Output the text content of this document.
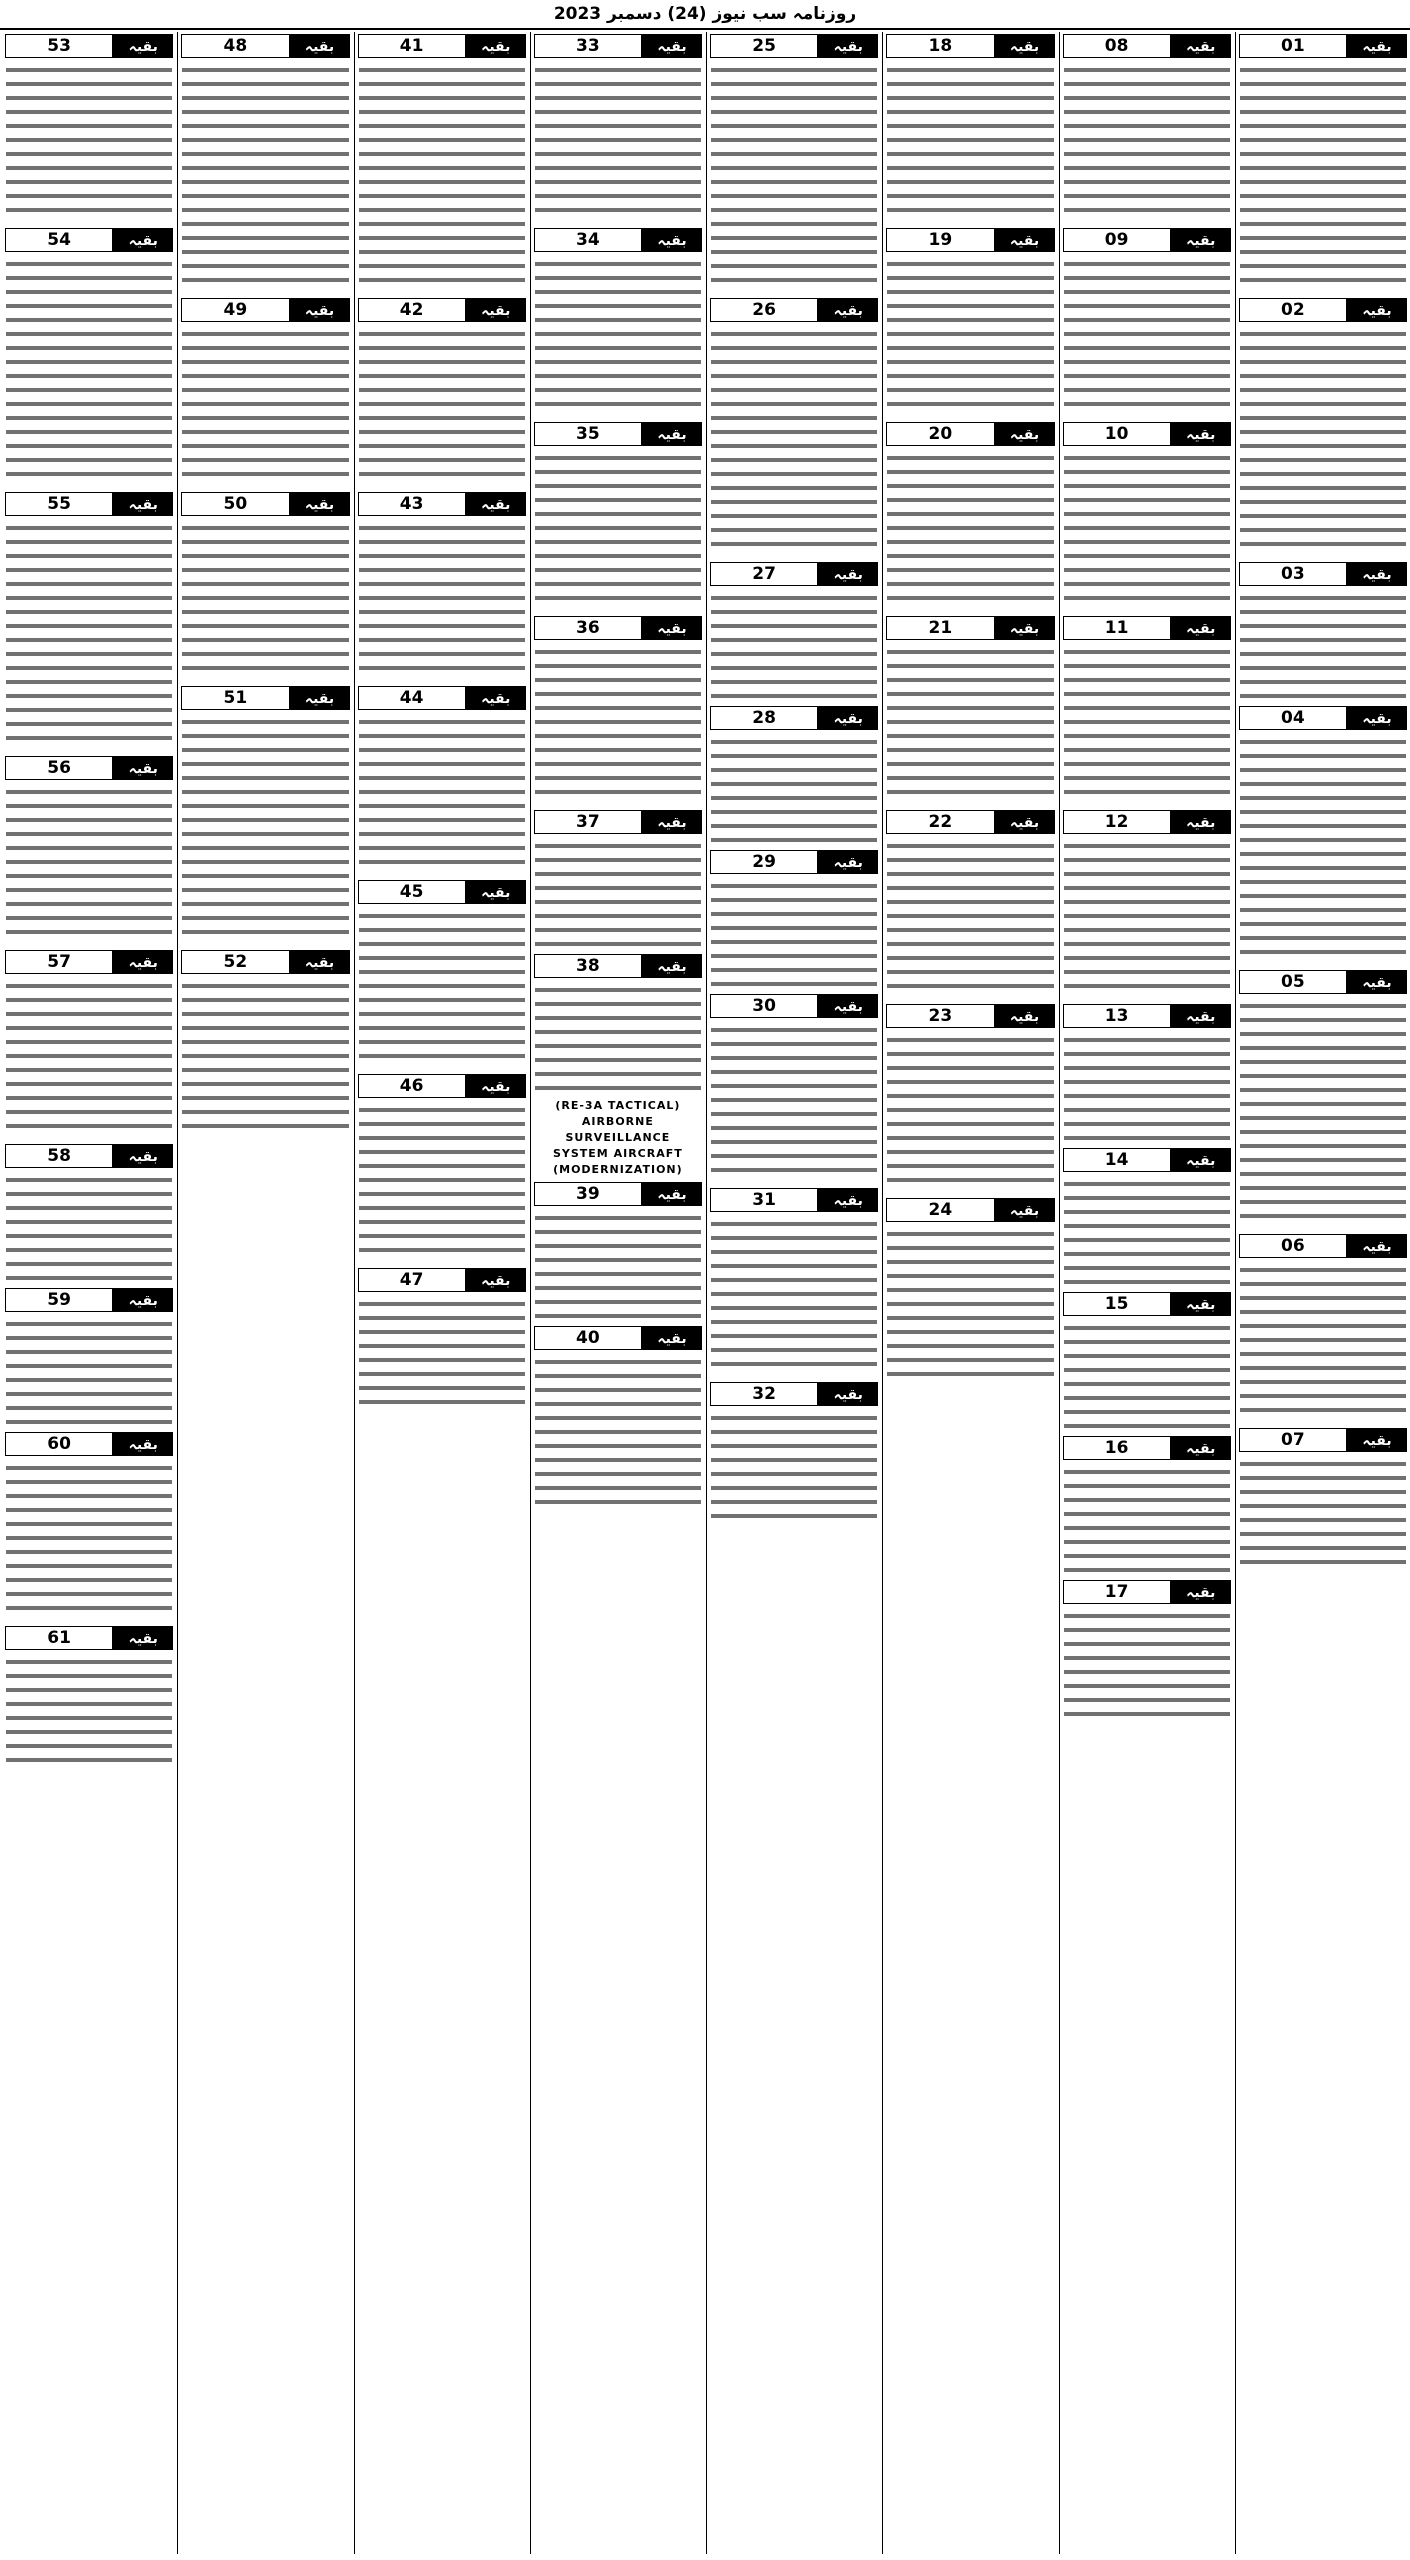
روزنامہ سب نیوز (24) دسمبر 2023
بقیہ
01
بقیہ
02
بقیہ
03
بقیہ
04
بقیہ
05
بقیہ
06
بقیہ
07
بقیہ
08
بقیہ
09
بقیہ
10
بقیہ
11
بقیہ
12
بقیہ
13
بقیہ
14
بقیہ
15
بقیہ
16
بقیہ
17
بقیہ
18
بقیہ
19
بقیہ
20
بقیہ
21
بقیہ
22
بقیہ
23
بقیہ
24
بقیہ
25
بقیہ
26
بقیہ
27
بقیہ
28
بقیہ
29
بقیہ
30
بقیہ
31
بقیہ
32
بقیہ
33
بقیہ
34
بقیہ
35
بقیہ
36
بقیہ
37
بقیہ
38
(RE-3A TACTICAL) AIRBORNE SURVEILLANCE SYSTEM AIRCRAFT (MODERNIZATION)
بقیہ
39
بقیہ
40
بقیہ
41
بقیہ
42
بقیہ
43
بقیہ
44
بقیہ
45
بقیہ
46
بقیہ
47
بقیہ
48
بقیہ
49
بقیہ
50
بقیہ
51
بقیہ
52
بقیہ
53
بقیہ
54
بقیہ
55
بقیہ
56
بقیہ
57
بقیہ
58
بقیہ
59
بقیہ
60
بقیہ
61
